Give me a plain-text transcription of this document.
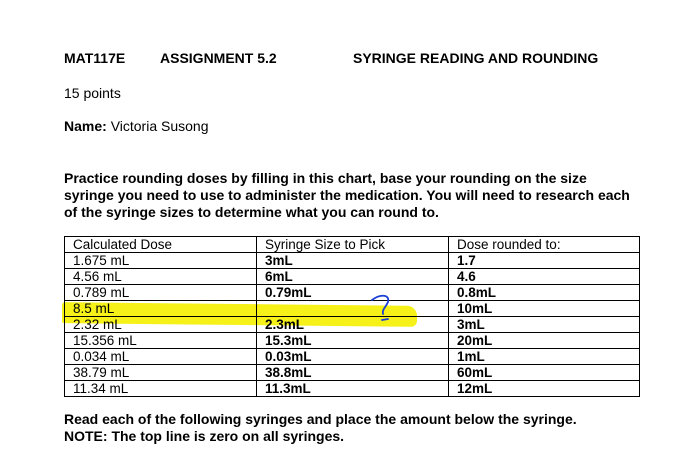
MAT117E ASSIGNMENT 5.2	SYRINGE READING AND ROUNDING
15 points
Name: Victoria Susong
Practice rounding doses by filling in this chart, base your rounding on the size syringe you need to use to administer the medication. You will need to research each of the syringe sizes to determine what you can round to.
Calculated Dose	Syringe Size to Pick	Dose rounded to:
1.675 mL	3mL	1.7
4.56 mL	6mL	4.6
0.789 mL	0.79mL	0.8mL
8.5 mL		10mL
2.32 mL	2.3mL	3mL
15.356 mL	15.3mL	20mL
0.034 mL	0.03mL	1mL
38.79 mL	38.8mL	60mL
11.34 mL	11.3mL	12mL
Read each of the following syringes and place the amount below the syringe.
NOTE: The top line is zero on all syringes.
